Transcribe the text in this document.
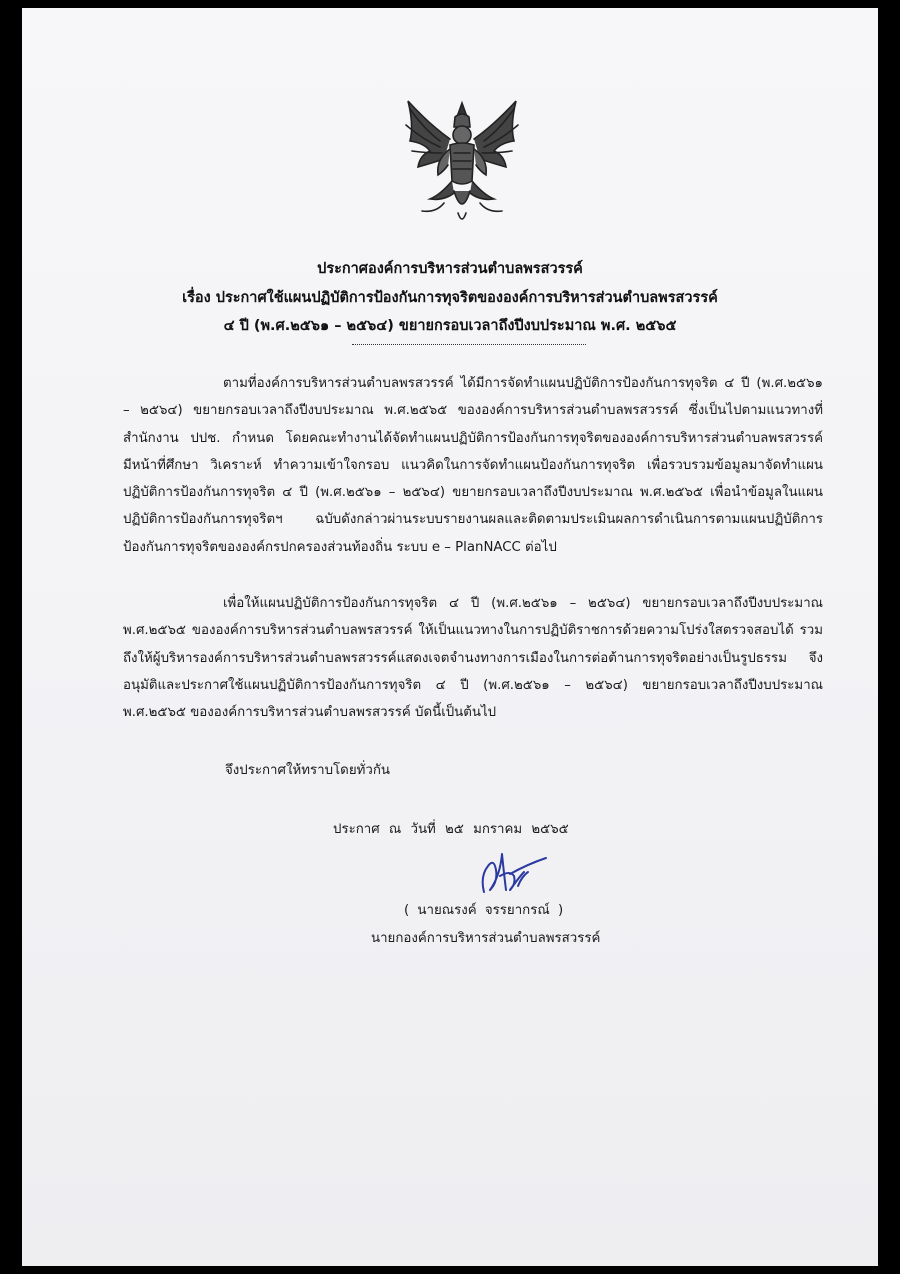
ประกาศองค์การบริหารส่วนตำบลพรสวรรค์
เรื่อง ประกาศใช้แผนปฏิบัติการป้องกันการทุจริตขององค์การบริหารส่วนตำบลพรสวรรค์
๔ ปี (พ.ศ.๒๕๖๑ – ๒๕๖๔) ขยายกรอบเวลาถึงปีงบประมาณ พ.ศ. ๒๕๖๕

ตามที่องค์การบริหารส่วนตำบลพรสวรรค์ ได้มีการจัดทำแผนปฏิบัติการป้องกันการทุจริต ๔ ปี (พ.ศ.๒๕๖๑ – ๒๕๖๔) ขยายกรอบเวลาถึงปีงบประมาณ พ.ศ.๒๕๖๕ ขององค์การบริหารส่วนตำบลพรสวรรค์ ซึ่งเป็นไปตามแนวทางที่สำนักงาน ปปช. กำหนด โดยคณะทำงานได้จัดทำแผนปฏิบัติการป้องกันการทุจริตขององค์การบริหารส่วนตำบลพรสวรรค์ มีหน้าที่ศึกษา วิเคราะห์ ทำความเข้าใจกรอบ แนวคิดในการจัดทำแผนป้องกันการทุจริต เพื่อรวบรวมข้อมูลมาจัดทำแผนปฏิบัติการป้องกันการทุจริต ๔ ปี (พ.ศ.๒๕๖๑ – ๒๕๖๔) ขยายกรอบเวลาถึงปีงบประมาณ พ.ศ.๒๕๖๕ เพื่อนำข้อมูลในแผนปฏิบัติการป้องกันการทุจริตฯ ฉบับดังกล่าวผ่านระบบรายงานผลและติดตามประเมินผลการดำเนินการตามแผนปฏิบัติการป้องกันการทุจริตขององค์กรปกครองส่วนท้องถิ่น ระบบ e – PlanNACC ต่อไป

เพื่อให้แผนปฏิบัติการป้องกันการทุจริต ๔ ปี (พ.ศ.๒๕๖๑ – ๒๕๖๔) ขยายกรอบเวลาถึงปีงบประมาณ พ.ศ.๒๕๖๕ ขององค์การบริหารส่วนตำบลพรสวรรค์ ให้เป็นแนวทางในการปฏิบัติราชการด้วยความโปร่งใสตรวจสอบได้ รวมถึงให้ผู้บริหารองค์การบริหารส่วนตำบลพรสวรรค์แสดงเจตจำนงทางการเมืองในการต่อต้านการทุจริตอย่างเป็นรูปธรรม จึงอนุมัติและประกาศใช้แผนปฏิบัติการป้องกันการทุจริต ๔ ปี (พ.ศ.๒๕๖๑ – ๒๕๖๔) ขยายกรอบเวลาถึงปีงบประมาณ พ.ศ.๒๕๖๕ ขององค์การบริหารส่วนตำบลพรสวรรค์ บัดนี้เป็นต้นไป

จึงประกาศให้ทราบโดยทั่วกัน
ประกาศ ณ วันที่ ๒๕ มกราคม ๒๕๖๕
( นายณรงค์ จรรยากรณ์ )
นายกองค์การบริหารส่วนตำบลพรสวรรค์
